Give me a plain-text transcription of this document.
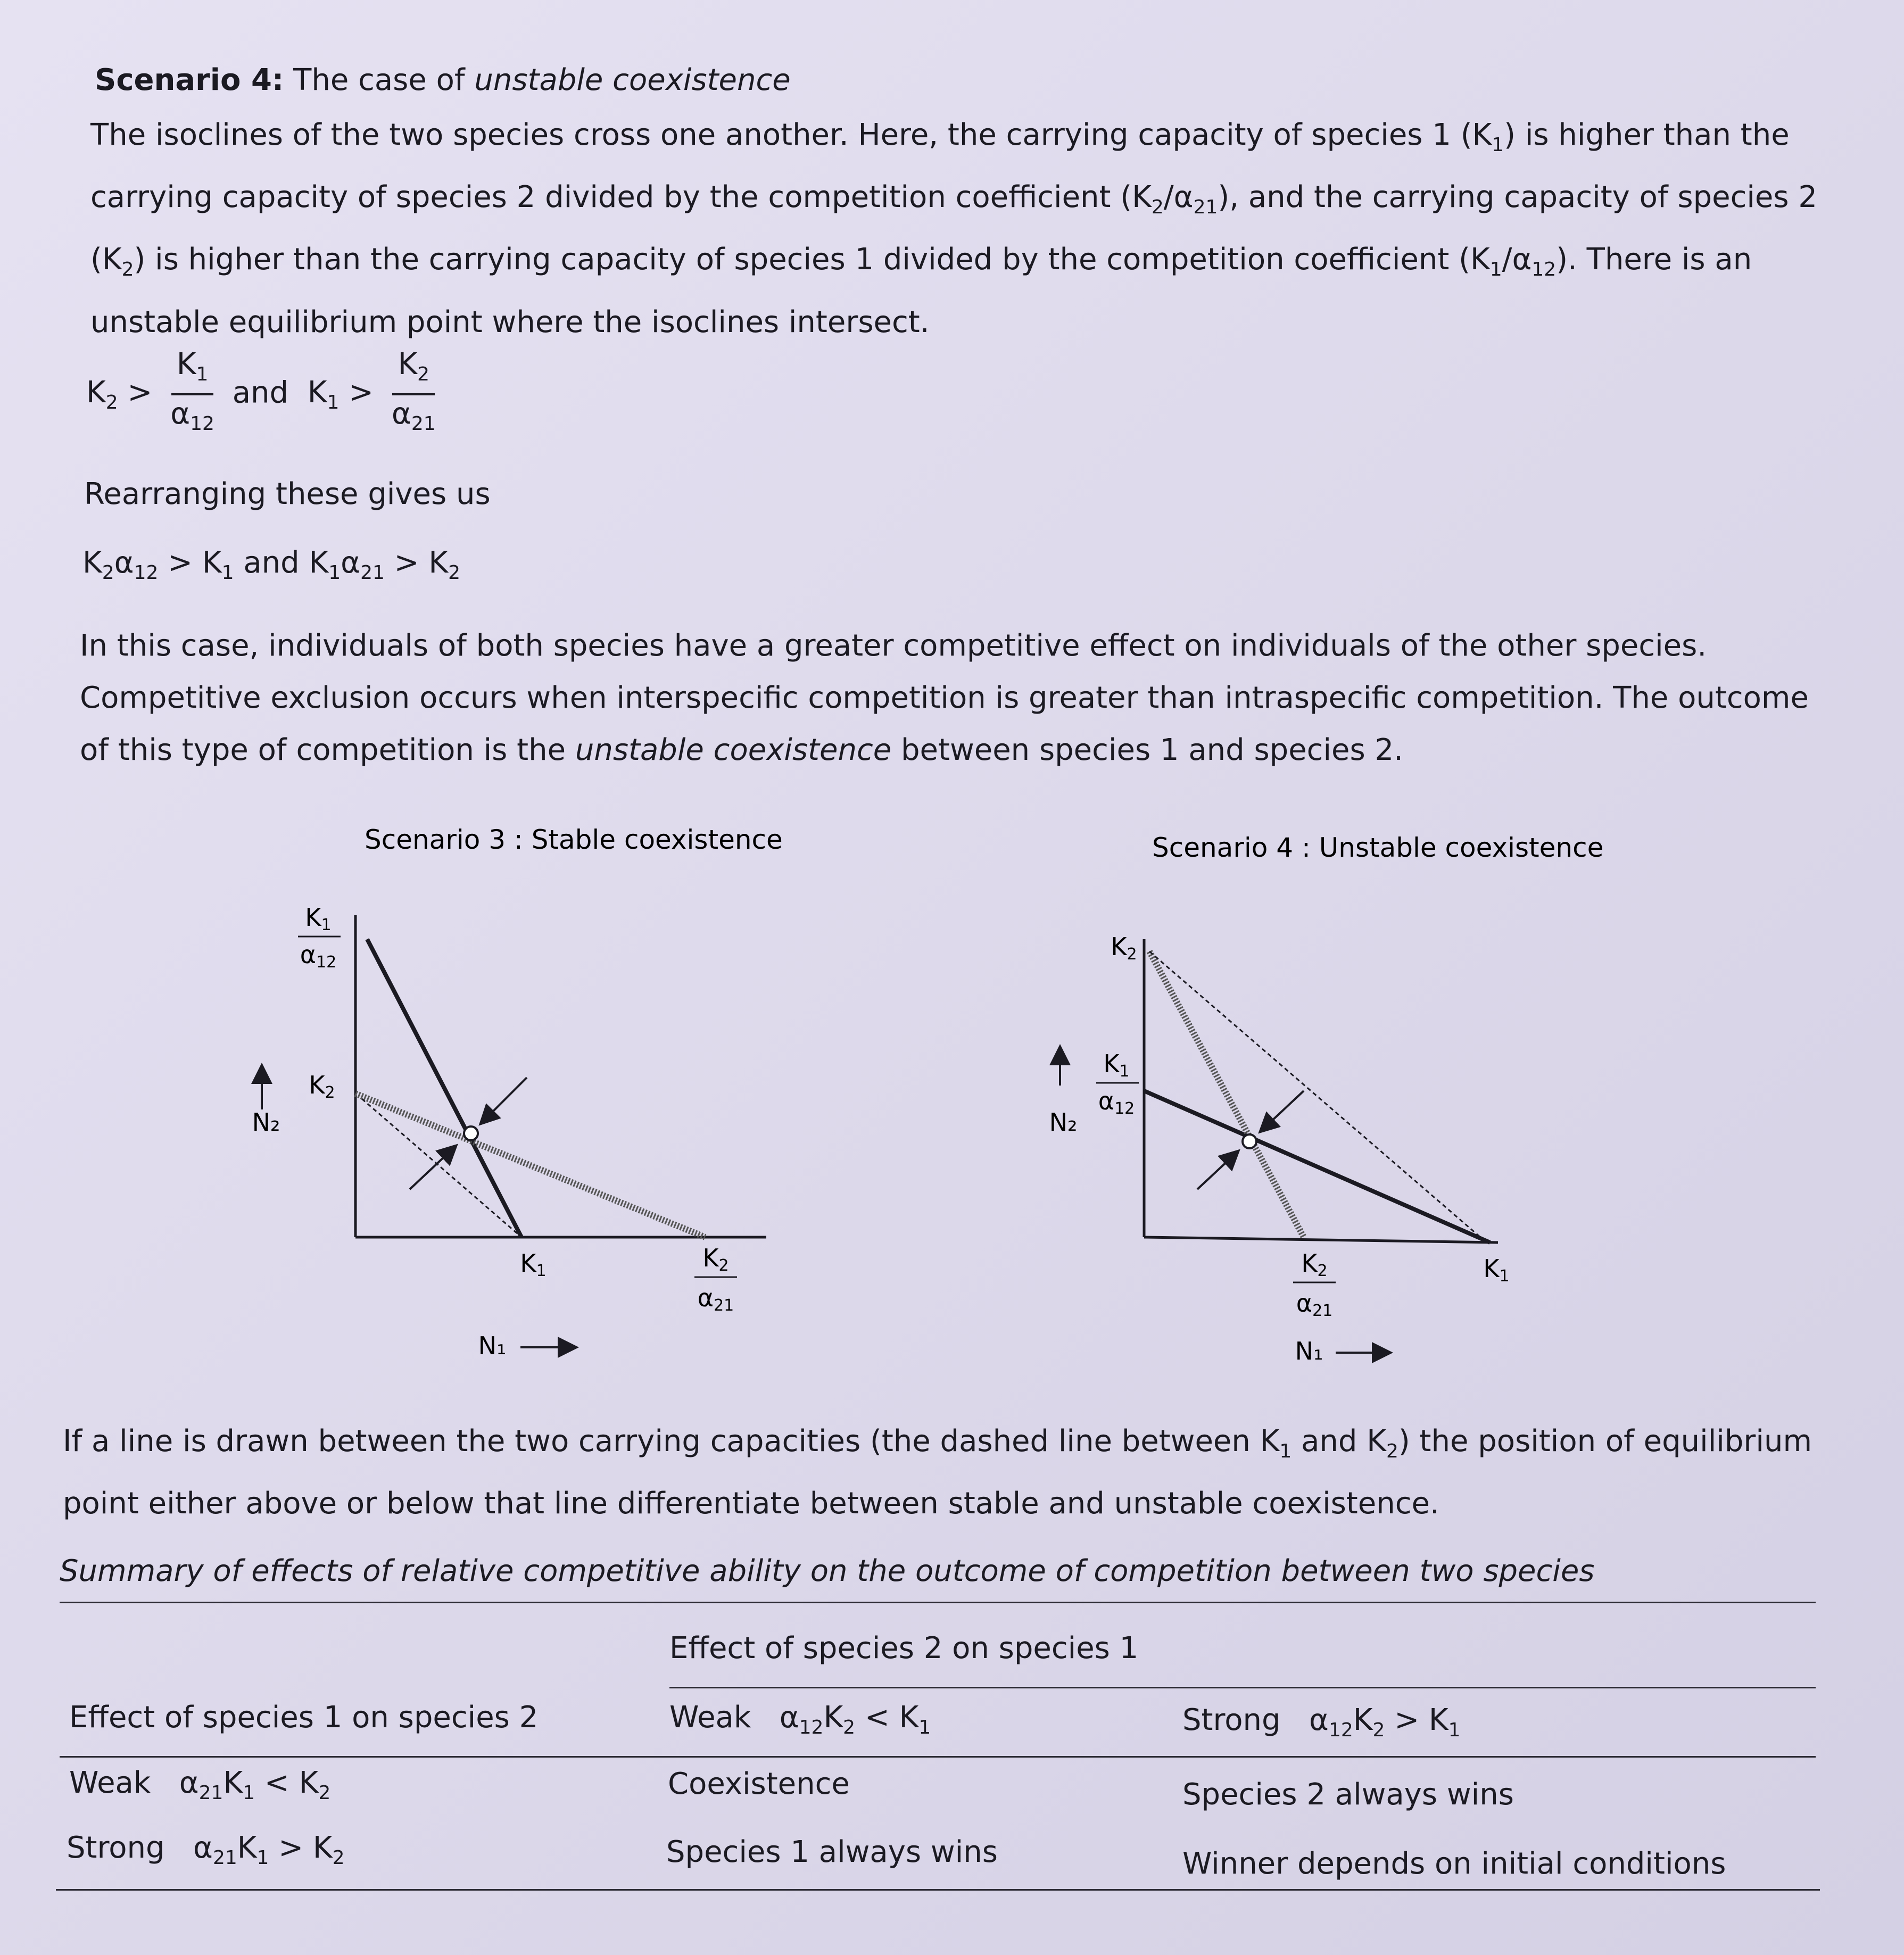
Scenario 4: The case of unstable coexistence
The isoclines of the two species cross one another. Here, the carrying capacity of species 1 $(K_1)$ is higher than the carrying capacity of species 2 divided by the competition coefficient $(K_2/\alpha_{21})$, and the carrying capacity of species 2 $(K_2)$ is higher than the carrying capacity of species 1 divided by the competition coefficient $(K_1/\alpha_{12})$. There is an unstable equilibrium point where the isoclines intersect.
$K_2 > \frac{K_1}{\alpha_{12}}$ and  $K_1 > \frac{K_2}{\alpha_{21}}$
Rearranging these gives us
$K_2\alpha_{12} > K_1$ and $K_1\alpha_{21} > K_2$
In this case, individuals of both species have a greater competitive effect on individuals of the other species. Competitive exclusion occurs when interspecific competition is greater than intraspecific competition. The outcome of this type of competition is the unstable coexistence between species 1 and species 2.
Scenario 3 : Stable coexistence
K1
α12
K2
N₂
K1	K2
α21
N₁
Scenario 4 : Unstable coexistence
K2
K1
α12
N₂
K2
α21
K1
N₁
If a line is drawn between the two carrying capacities (the dashed line between $K_1$ and $K_2$) the position of equilibrium point either above or below that line differentiate between stable and unstable coexistence.
Summary of effects of relative competitive ability on the outcome of competition between two species
Effect of species 2 on species 1
Effect of species 1 on species 2	Weak   $\alpha_{12}K_2 < K_1$	Strong   $\alpha_{12}K_2 > K_1$
Weak   $\alpha_{21}K_1 < K_2$	Coexistence	Species 2 always wins
Strong   $\alpha_{21}K_1 > K_2$	Species 1 always wins	Winner depends on initial conditions
